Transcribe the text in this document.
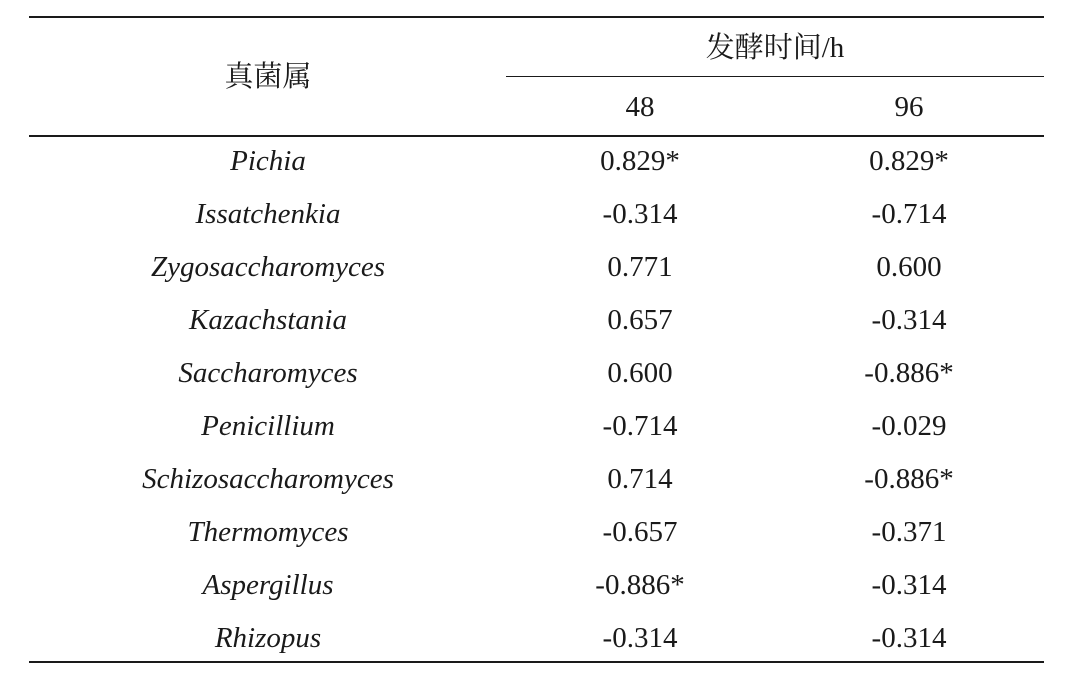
真菌属
发酵时间/h
48	96
Pichia	0.829*	0.829*
Issatchenkia	-0.314	-0.714
Zygosaccharomyces	0.771	0.600
Kazachstania	0.657	-0.314
Saccharomyces	0.600	-0.886*
Penicillium	-0.714	-0.029
Schizosaccharomyces	0.714	-0.886*
Thermomyces	-0.657	-0.371
Aspergillus	-0.886*	-0.314
Rhizopus	-0.314	-0.314
